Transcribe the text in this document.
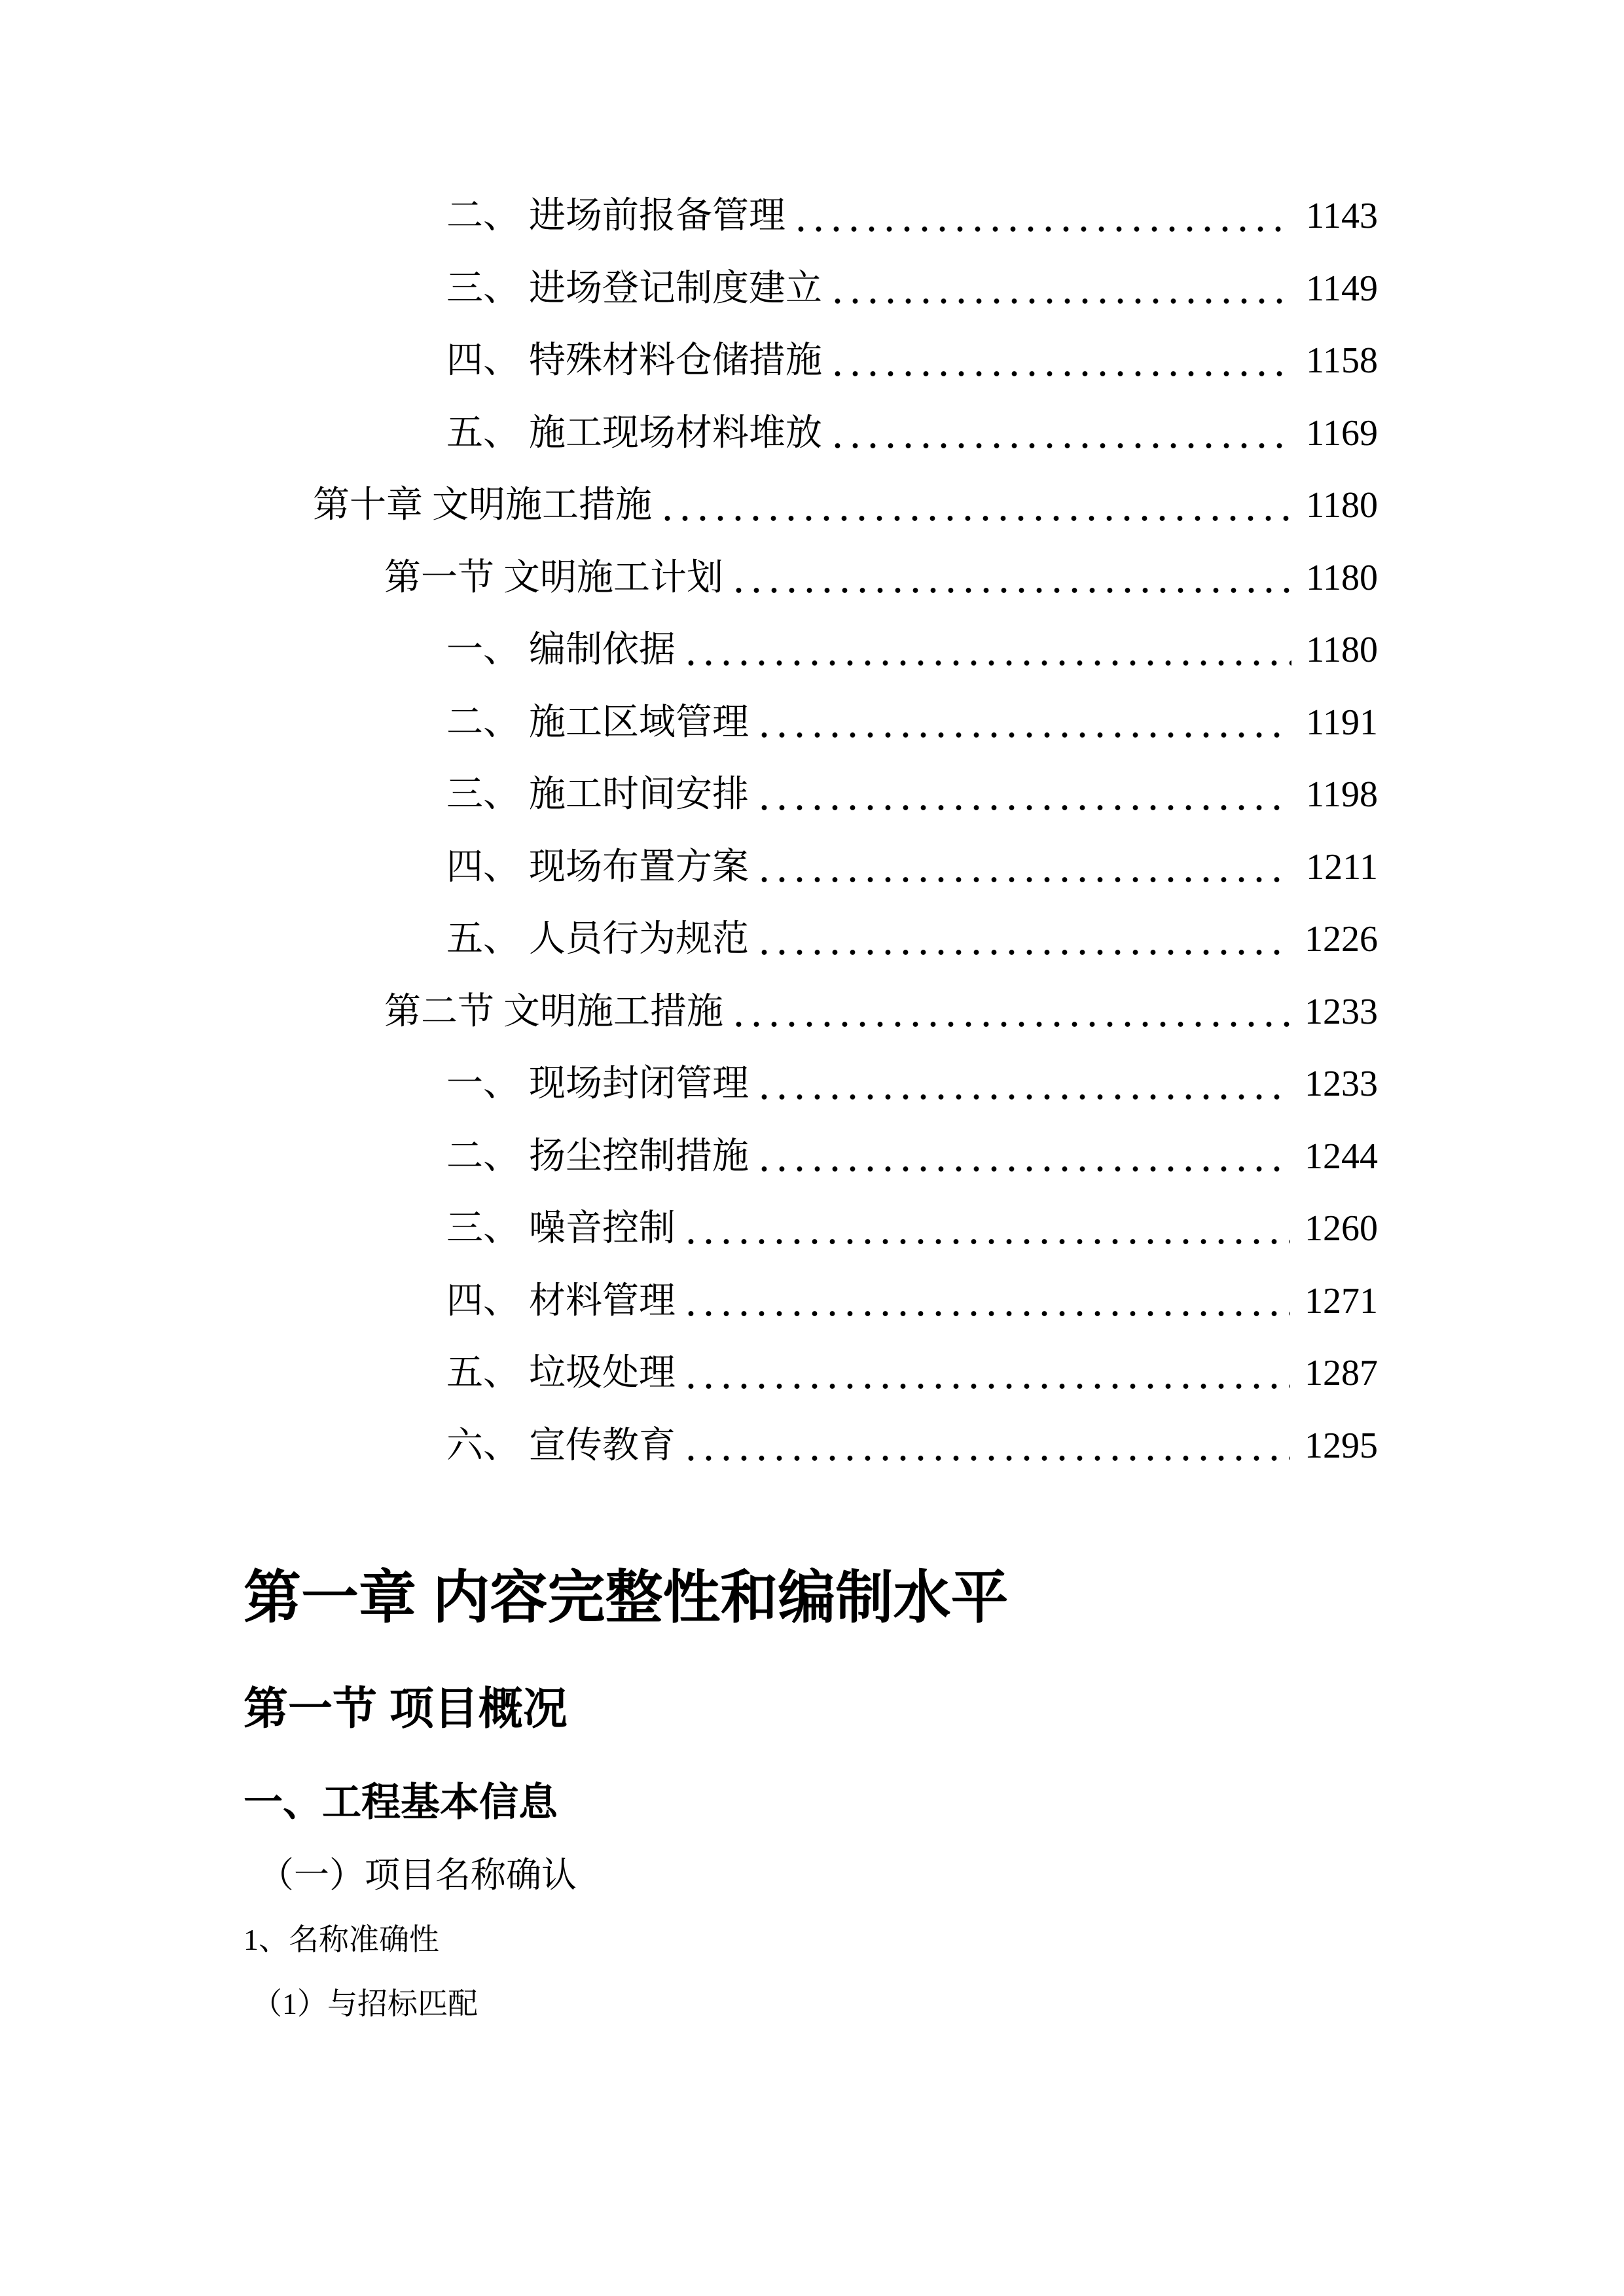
二、 进场前报备管理	1143
三、 进场登记制度建立	1149
四、 特殊材料仓储措施	1158
五、 施工现场材料堆放	1169
第十章 文明施工措施	1180
第一节 文明施工计划	1180
一、 编制依据	1180
二、 施工区域管理	1191
三、 施工时间安排	1198
四、 现场布置方案	1211
五、 人员行为规范	1226
第二节 文明施工措施	1233
一、 现场封闭管理	1233
二、 扬尘控制措施	1244
三、 噪音控制	1260
四、 材料管理	1271
五、 垃圾处理	1287
六、 宣传教育	1295
第一章 内容完整性和编制水平
第一节 项目概况
一、工程基本信息
（一）项目名称确认
1、名称准确性
（1）与招标匹配
